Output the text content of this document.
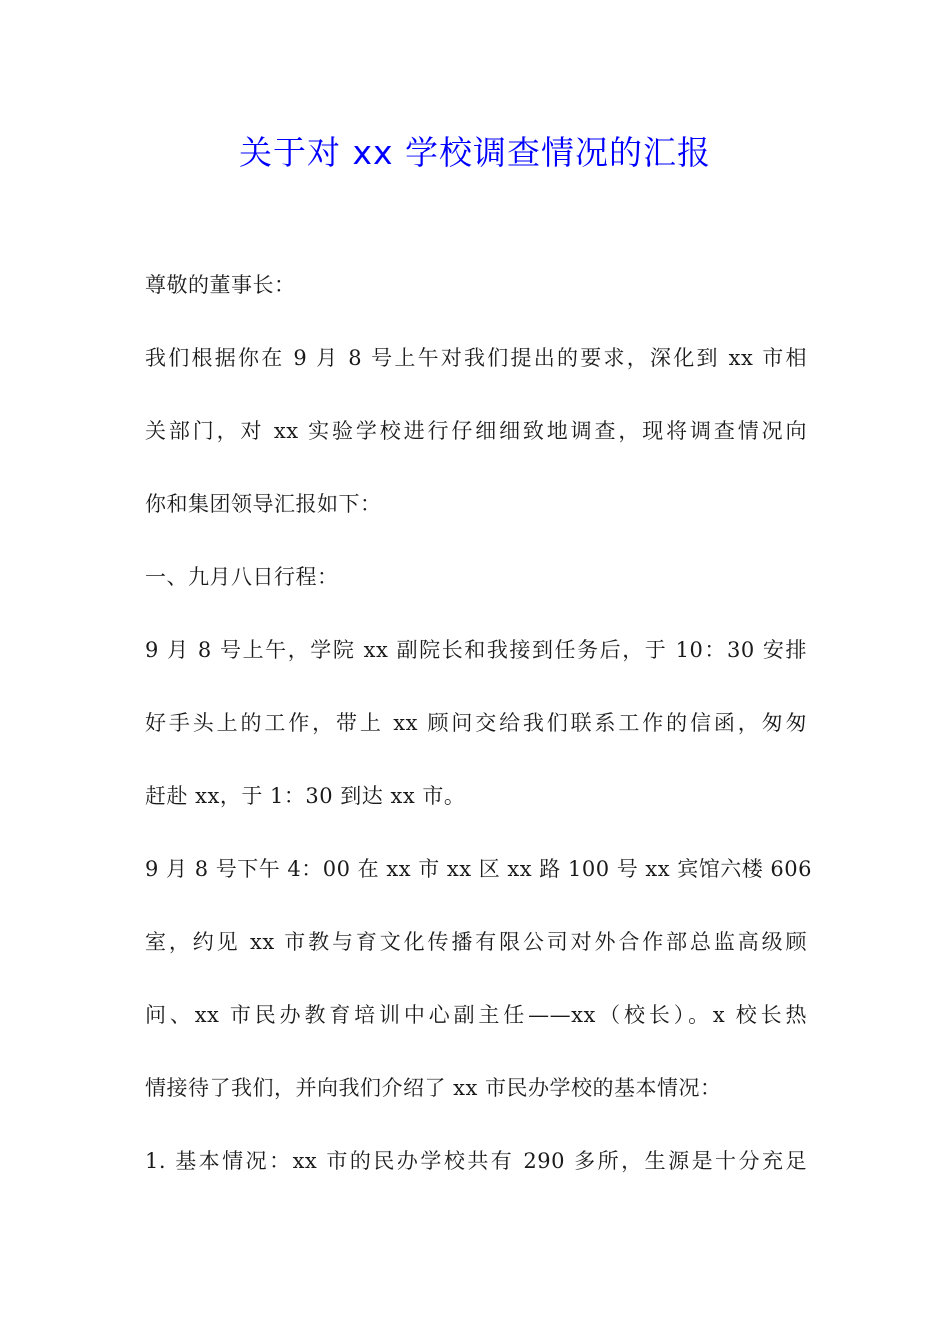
关于对 xx 学校调查情况的汇报
尊敬的董事长：
我们根据你在 9 月 8 号上午对我们提出的要求，深化到 xx 市相
关部门，对 xx 实验学校进行仔细细致地调查，现将调查情况向
你和集团领导汇报如下：
一、九月八日行程：
9 月 8 号上午，学院 xx 副院长和我接到任务后，于 10：30 安排
好手头上的工作，带上 xx 顾问交给我们联系工作的信函，匆匆
赶赴 xx，于 1：30 到达 xx 市。
9 月 8 号下午 4：00 在 xx 市 xx 区 xx 路 100 号 xx 宾馆六楼 606
室，约见 xx 市教与育文化传播有限公司对外合作部总监高级顾
问、xx 市民办教育培训中心副主任——xx（校长）。x 校长热
情接待了我们，并向我们介绍了 xx 市民办学校的基本情况：
1. 基本情况：xx 市的民办学校共有 290 多所，生源是十分充足
